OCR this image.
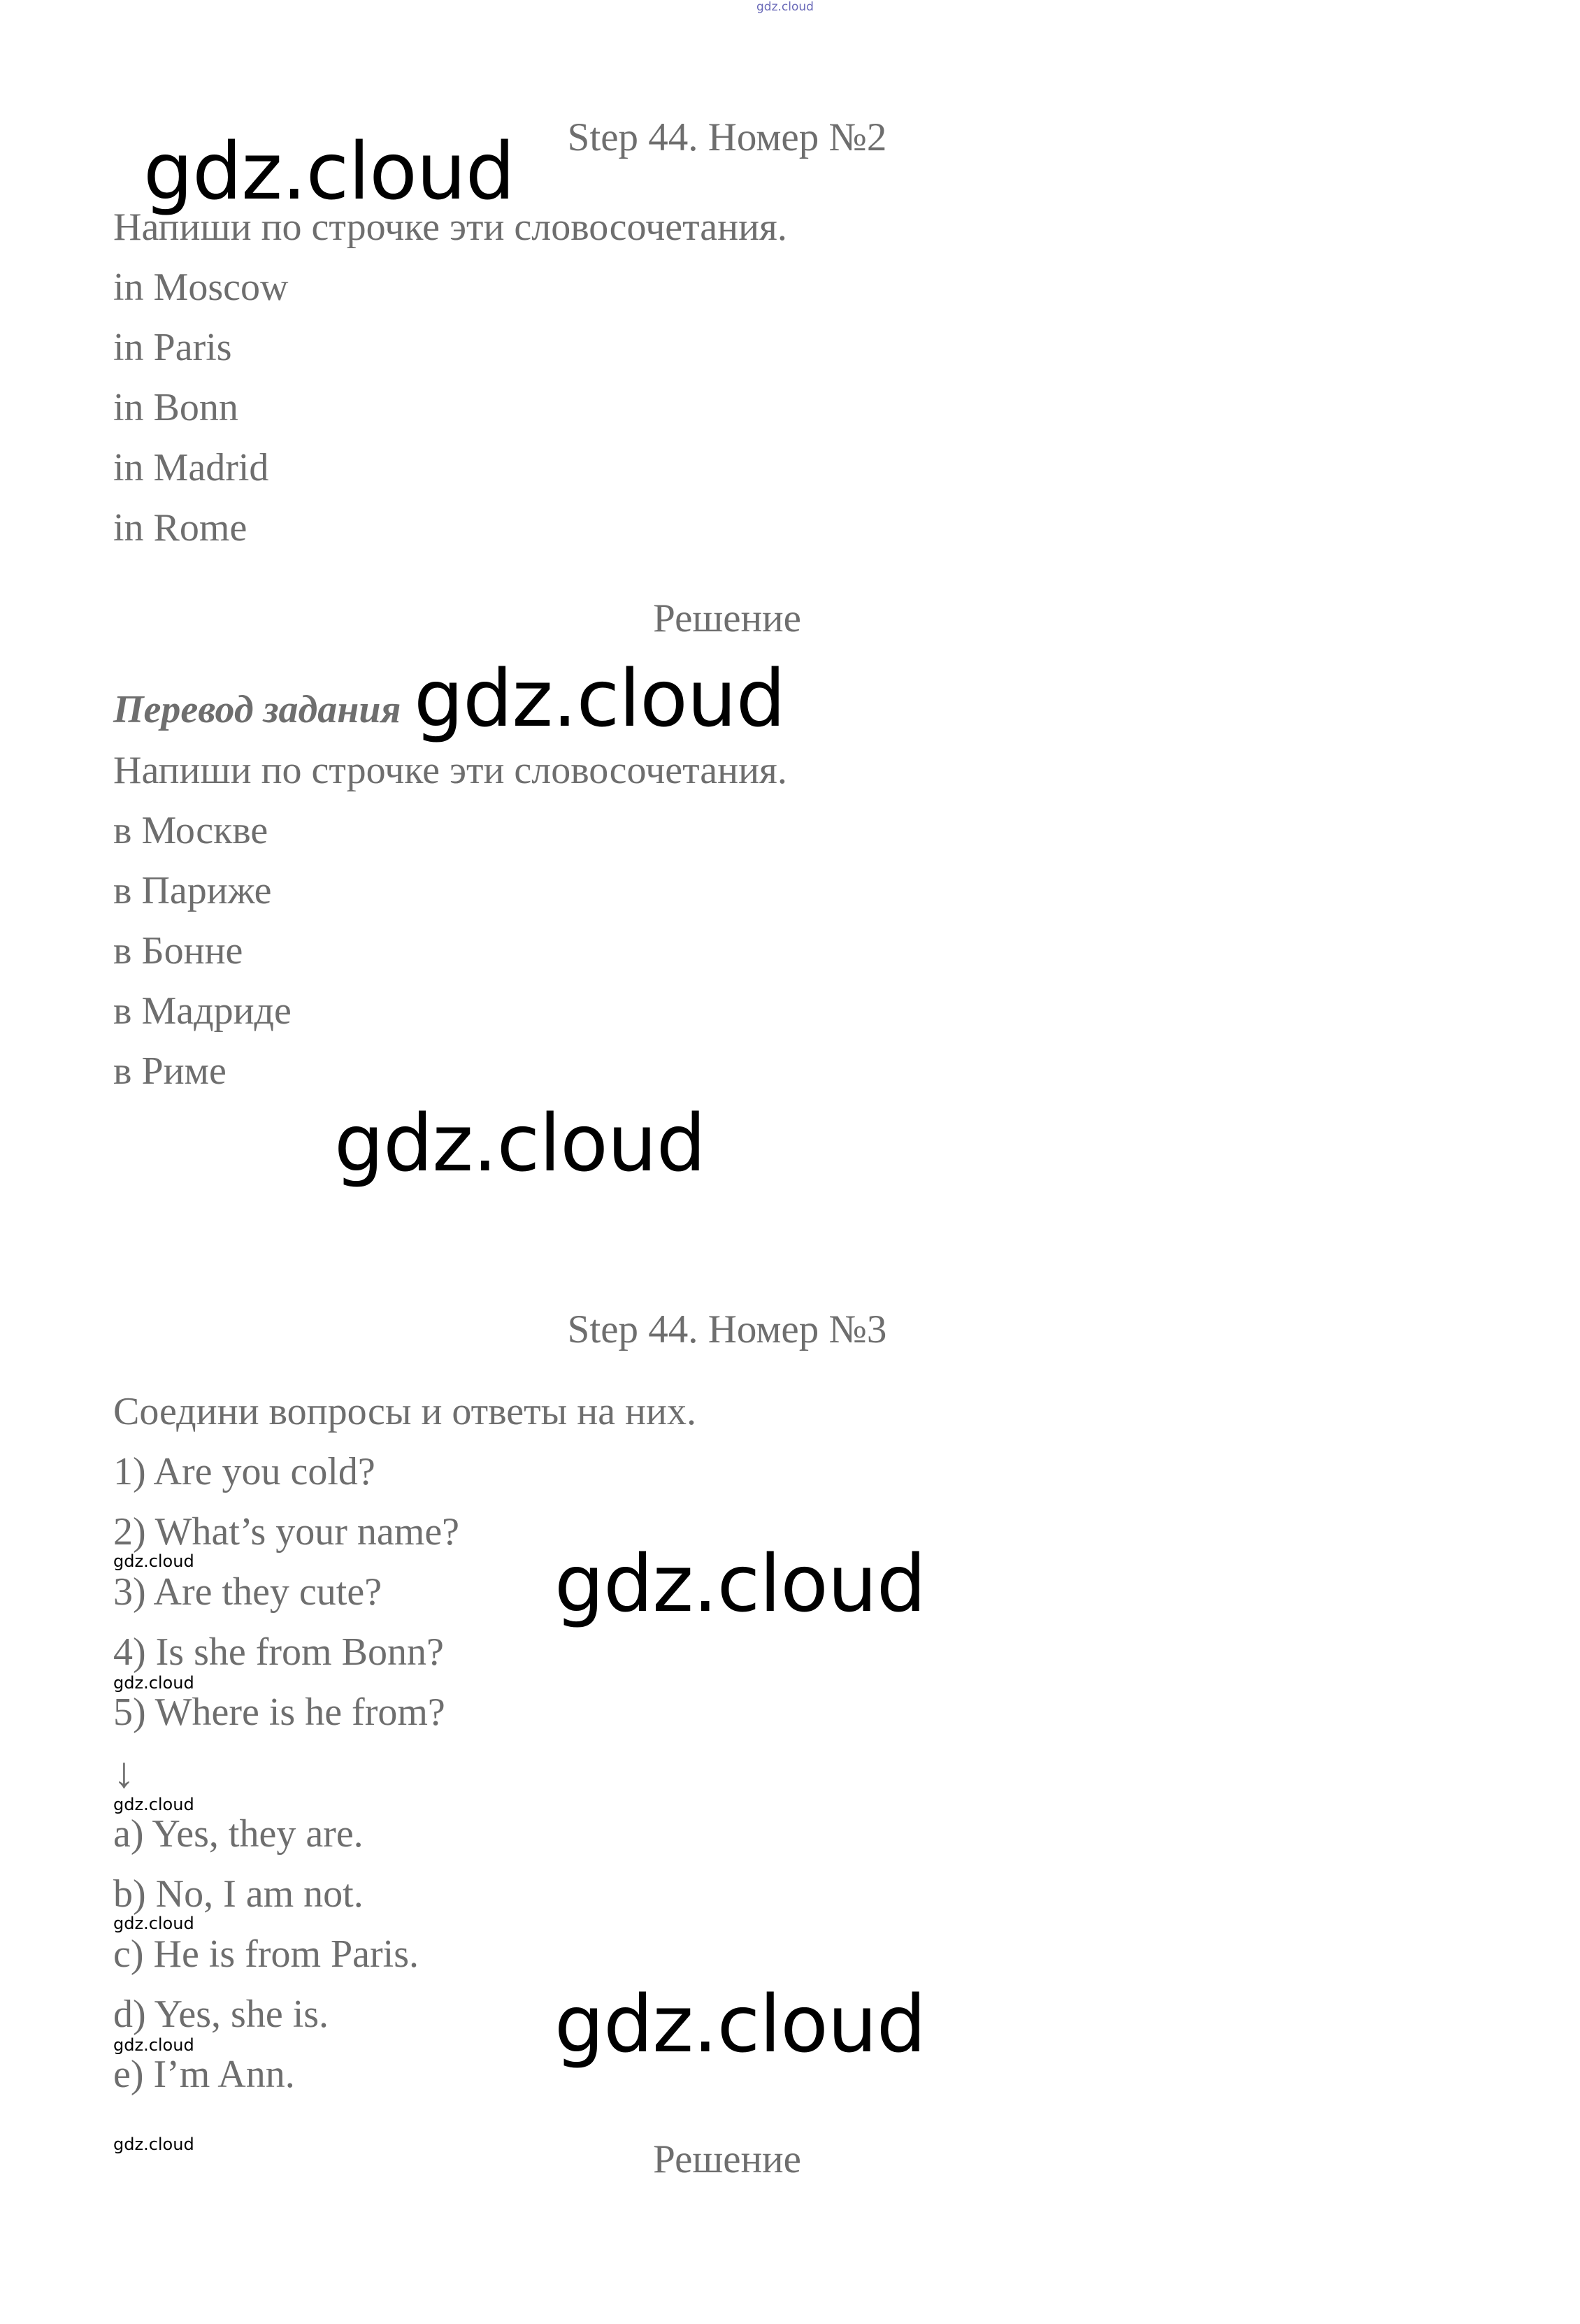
gdz.cloud
Step 44. Номер №2
gdz.cloud
Напиши по строчке эти словосочетания.
in Moscow
in Paris
in Bonn
in Madrid
in Rome
Решение
Перевод задания gdz.cloud
Напиши по строчке эти словосочетания.
в Москве
в Париже
в Бонне
в Мадриде
в Риме
gdz.cloud
Step 44. Номер №3
Соедини вопросы и ответы на них.
1) Are you cold?
2) What’s your name?
gdz.cloud
3) Are they cute? gdz.cloud
4) Is she from Bonn?
gdz.cloud
5) Where is he from?
↓
gdz.cloud
a) Yes, they are.
b) No, I am not.
gdz.cloud
c) He is from Paris.
d) Yes, she is.	gdz.cloud
gdz.cloud
e) I’m Ann.
gdz.cloud	Решение
